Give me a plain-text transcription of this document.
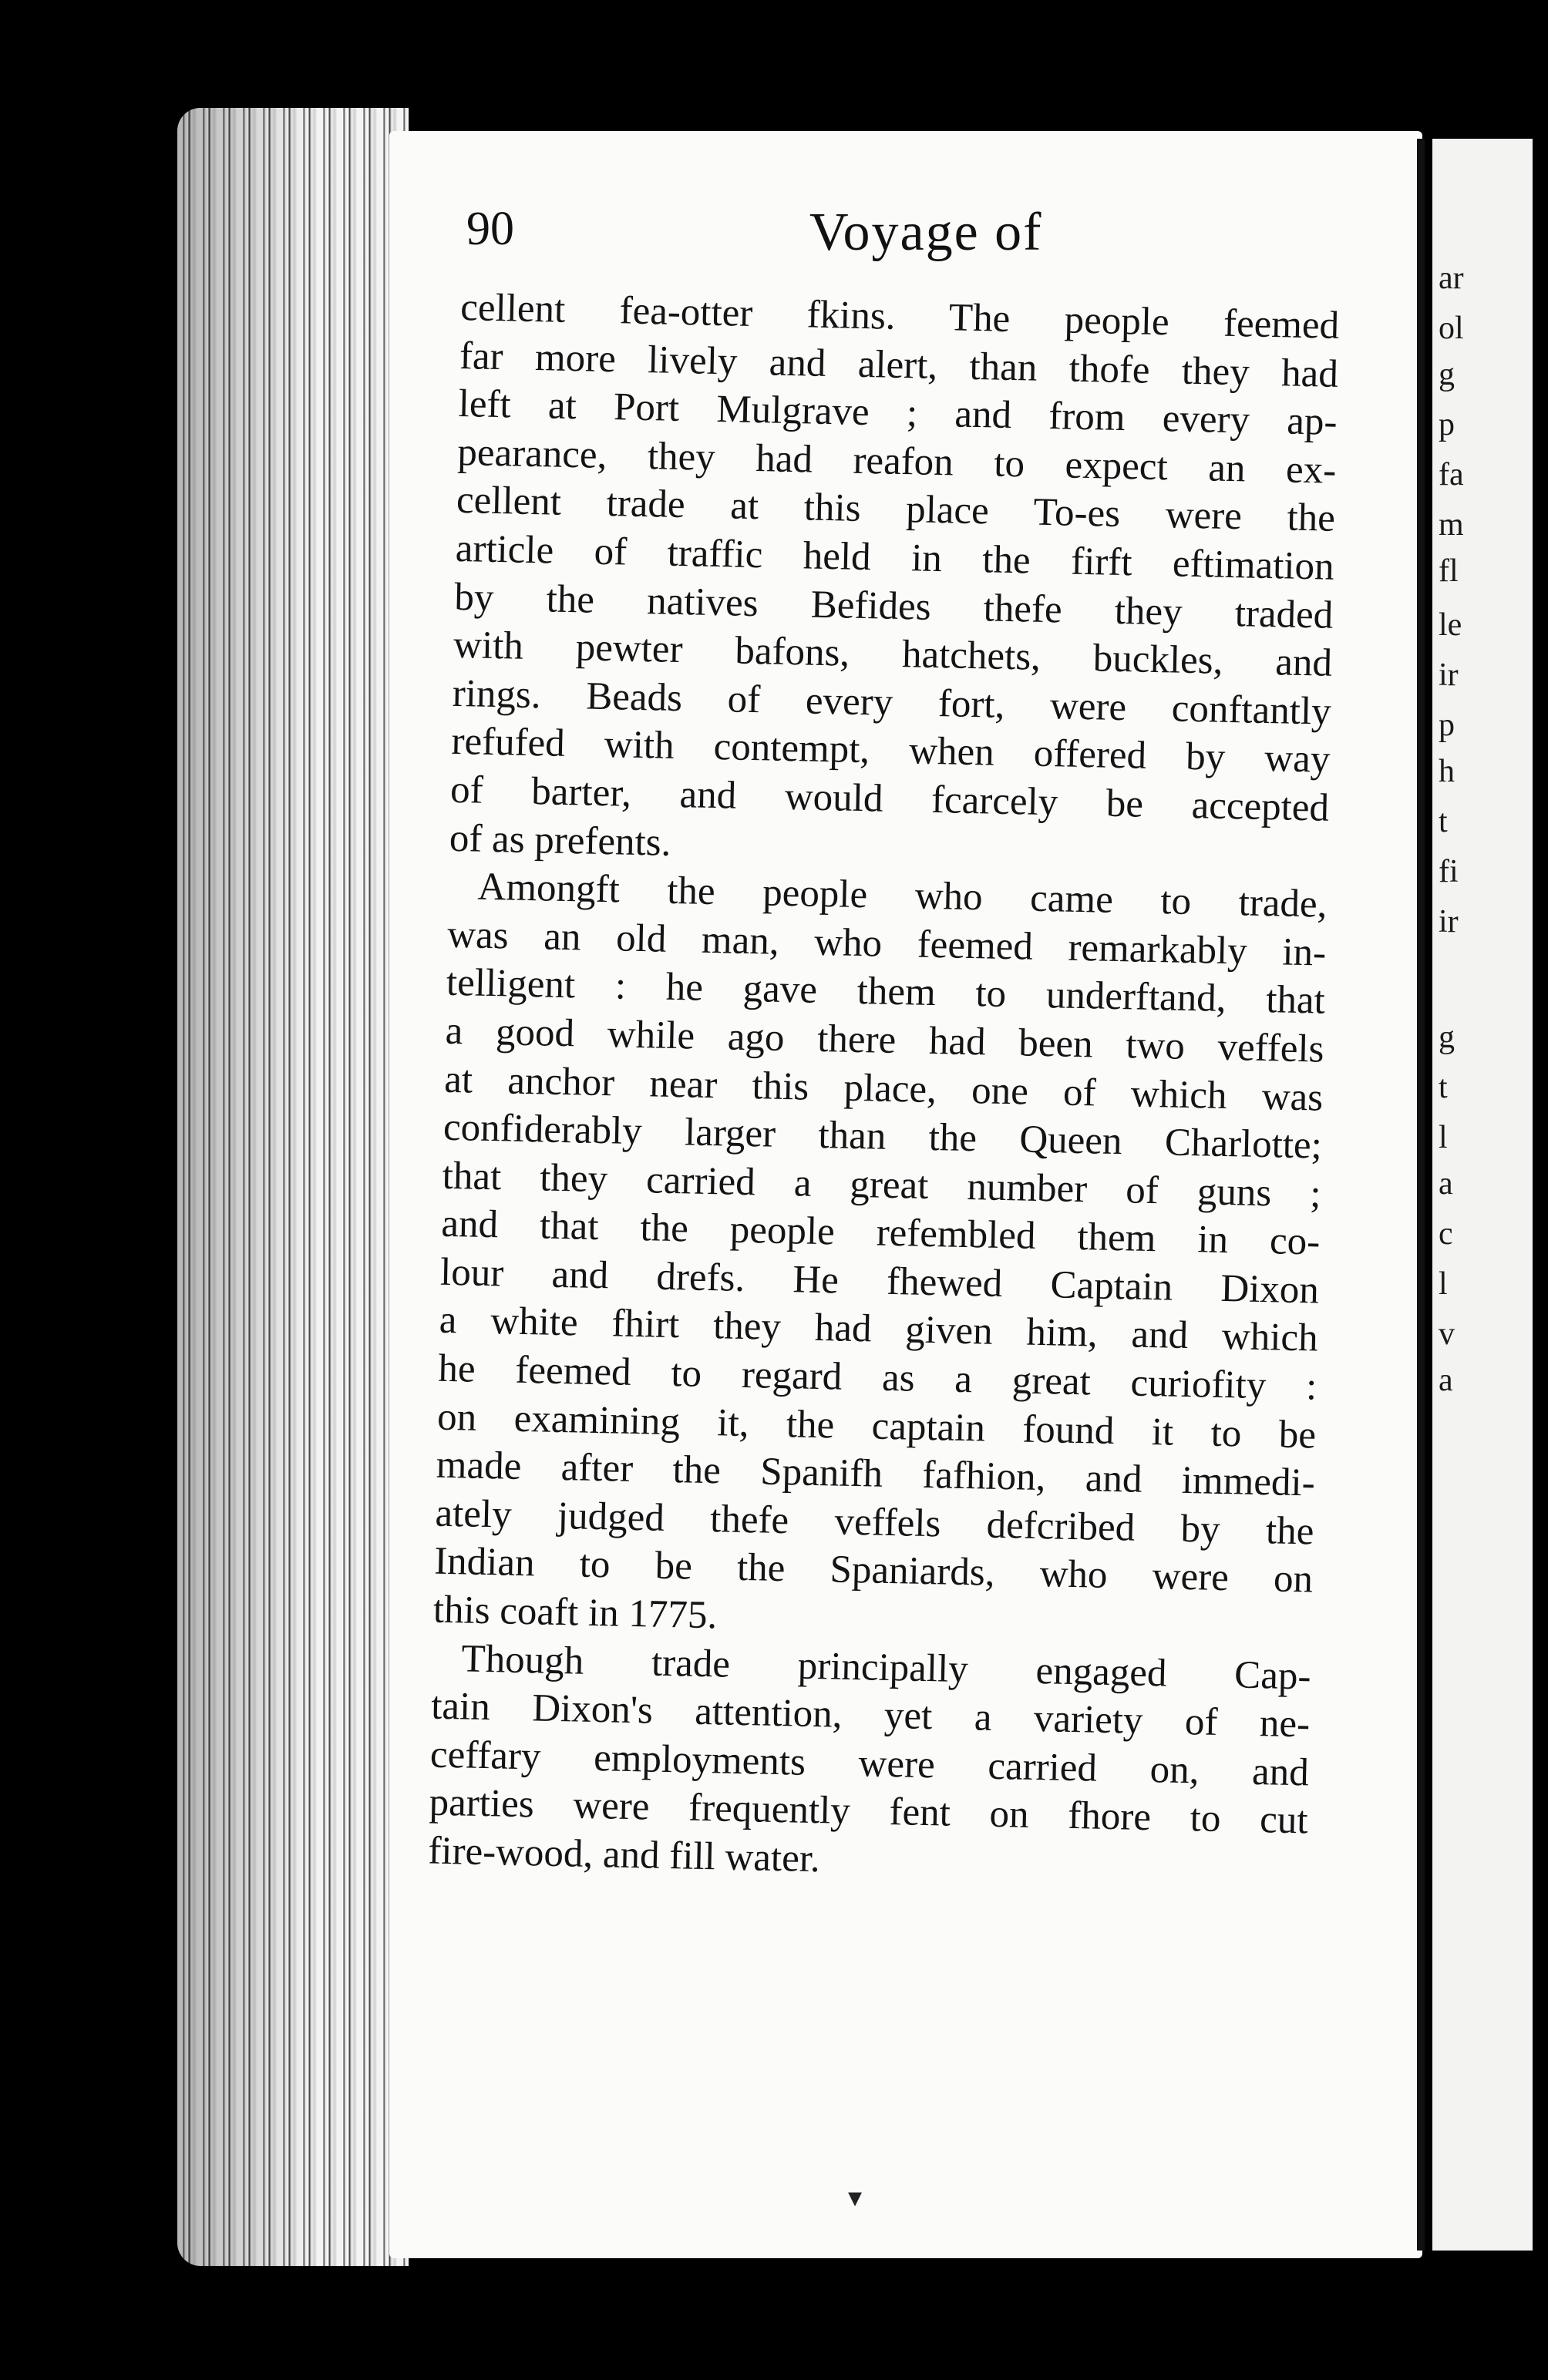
ar
ol
g
p
fa
m
fl
le
ir
p
h
t
fi
ir
g
t
l
a
c
l
v
a
90	Voyage of
cellent fea-otter fkins. The people feemed
far more lively and alert, than thofe they had
left at Port Mulgrave ; and from every ap-
pearance, they had reafon to expect an ex-
cellent trade at this place To-es were the
article of traffic held in the firft eftimation
by the natives Befides thefe they traded
with pewter bafons, hatchets, buckles, and
rings. Beads of every fort, were conftantly
refufed with contempt, when offered by way
of barter, and would fcarcely be accepted
of as prefents.
Amongft the people who came to trade,
was an old man, who feemed remarkably in-
telligent : he gave them to underftand, that
a good while ago there had been two veffels
at anchor near this place, one of which was
confiderably larger than the Queen Charlotte;
that they carried a great number of guns ;
and that the people refembled them in co-
lour and drefs. He fhewed Captain Dixon
a white fhirt they had given him, and which
he feemed to regard as a great curiofity :
on examining it, the captain found it to be
made after the Spanifh fafhion, and immedi-
ately judged thefe veffels defcribed by the
Indian to be the Spaniards, who were on
this coaft in 1775.
Though trade principally engaged Cap-
tain Dixon's attention, yet a variety of ne-
ceffary employments were carried on, and
parties were frequently fent on fhore to cut
fire-wood, and fill water.
▾
